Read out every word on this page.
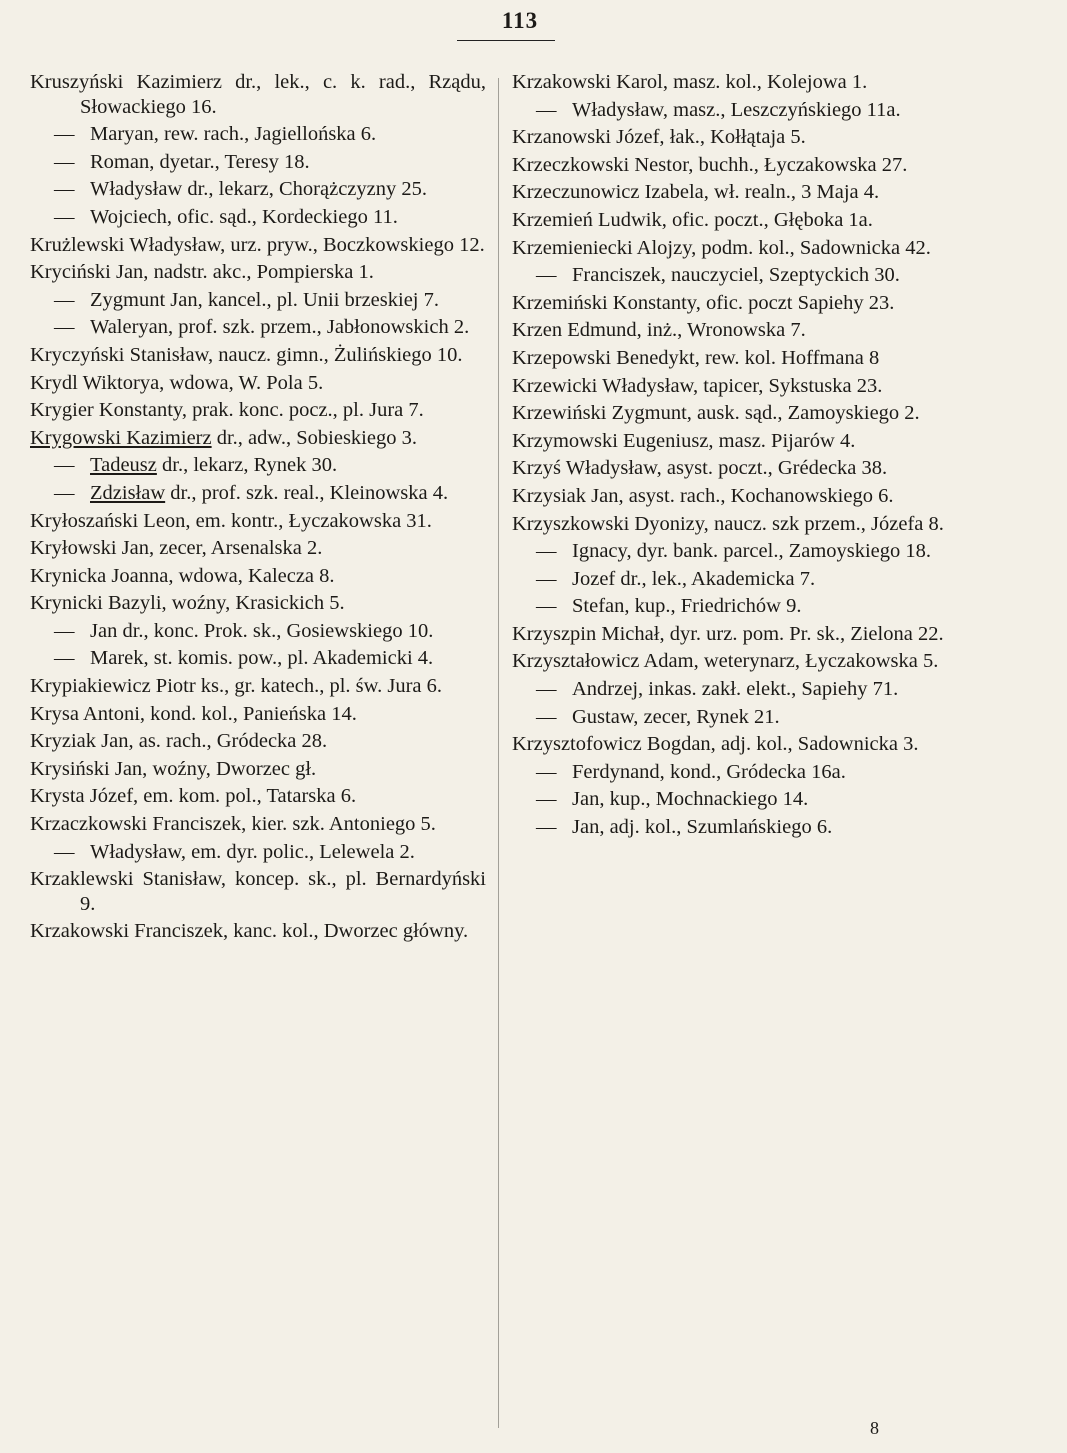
113

Kruszyński Kazimierz dr., lek., c. k. rad., Rządu, Słowackiego 16.

— Maryan, rew. rach., Jagiellońska 6.

— Roman, dyetar., Teresy 18.

— Władysław dr., lekarz, Chorążczyzny 25.

— Wojciech, ofic. sąd., Kordeckiego 11.

Krużlewski Władysław, urz. pryw., Boczkowskiego 12.

Kryciński Jan, nadstr. akc., Pompierska 1.

— Zygmunt Jan, kancel., pl. Unii brzeskiej 7.

— Waleryan, prof. szk. przem., Jabłonowskich 2.

Kryczyński Stanisław, naucz. gimn., Żulińskiego 10.

Krydl Wiktorya, wdowa, W. Pola 5.

Krygier Konstanty, prak. konc. pocz., pl. Jura 7.

Krygowski Kazimierz dr., adw., Sobieskiego 3.

— Tadeusz dr., lekarz, Rynek 30.

— Zdzisław dr., prof. szk. real., Kleinowska 4.

Kryłoszański Leon, em. kontr., Łyczakowska 31.

Kryłowski Jan, zecer, Arsenalska 2.

Krynicka Joanna, wdowa, Kalecza 8.

Krynicki Bazyli, woźny, Krasickich 5.

— Jan dr., konc. Prok. sk., Gosiewskiego 10.

— Marek, st. komis. pow., pl. Akademicki 4.

Krypiakiewicz Piotr ks., gr. katech., pl. św. Jura 6.

Krysa Antoni, kond. kol., Panieńska 14.

Kryziak Jan, as. rach., Gródecka 28.

Krysiński Jan, woźny, Dworzec gł.

Krysta Józef, em. kom. pol., Tatarska 6.

Krzaczkowski Franciszek, kier. szk. Antoniego 5.

— Władysław, em. dyr. polic., Lelewela 2.

Krzaklewski Stanisław, koncep. sk., pl. Bernardyński 9.

Krzakowski Franciszek, kanc. kol., Dworzec główny.

Krzakowski Karol, masz. kol., Kolejowa 1.

— Władysław, masz., Leszczyńskiego 11a.

Krzanowski Józef, łak., Kołłątaja 5.

Krzeczkowski Nestor, buchh., Łyczakowska 27.

Krzeczunowicz Izabela, wł. realn., 3 Maja 4.

Krzemień Ludwik, ofic. poczt., Głęboka 1a.

Krzemieniecki Alojzy, podm. kol., Sadownicka 42.

— Franciszek, nauczyciel, Szeptyckich 30.

Krzemiński Konstanty, ofic. poczt Sapiehy 23.

Krzen Edmund, inż., Wronowska 7.

Krzepowski Benedykt, rew. kol. Hoffmana 8

Krzewicki Władysław, tapicer, Sykstuska 23.

Krzewiński Zygmunt, ausk. sąd., Zamoyskiego 2.

Krzymowski Eugeniusz, masz. Pijarów 4.

Krzyś Władysław, asyst. poczt., Grédecka 38.

Krzysiak Jan, asyst. rach., Kochanowskiego 6.

Krzyszkowski Dyonizy, naucz. szk przem., Józefa 8.

— Ignacy, dyr. bank. parcel., Zamoyskiego 18.

— Jozef dr., lek., Akademicka 7.

— Stefan, kup., Friedrichów 9.

Krzyszpin Michał, dyr. urz. pom. Pr. sk., Zielona 22.

Krzyształowicz Adam, weterynarz, Łyczakowska 5.

— Andrzej, inkas. zakł. elekt., Sapiehy 71.

— Gustaw, zecer, Rynek 21.

Krzysztofowicz Bogdan, adj. kol., Sadownicka 3.

— Ferdynand, kond., Gródecka 16a.

— Jan, kup., Mochnackiego 14.

— Jan, adj. kol., Szumlańskiego 6.

8
